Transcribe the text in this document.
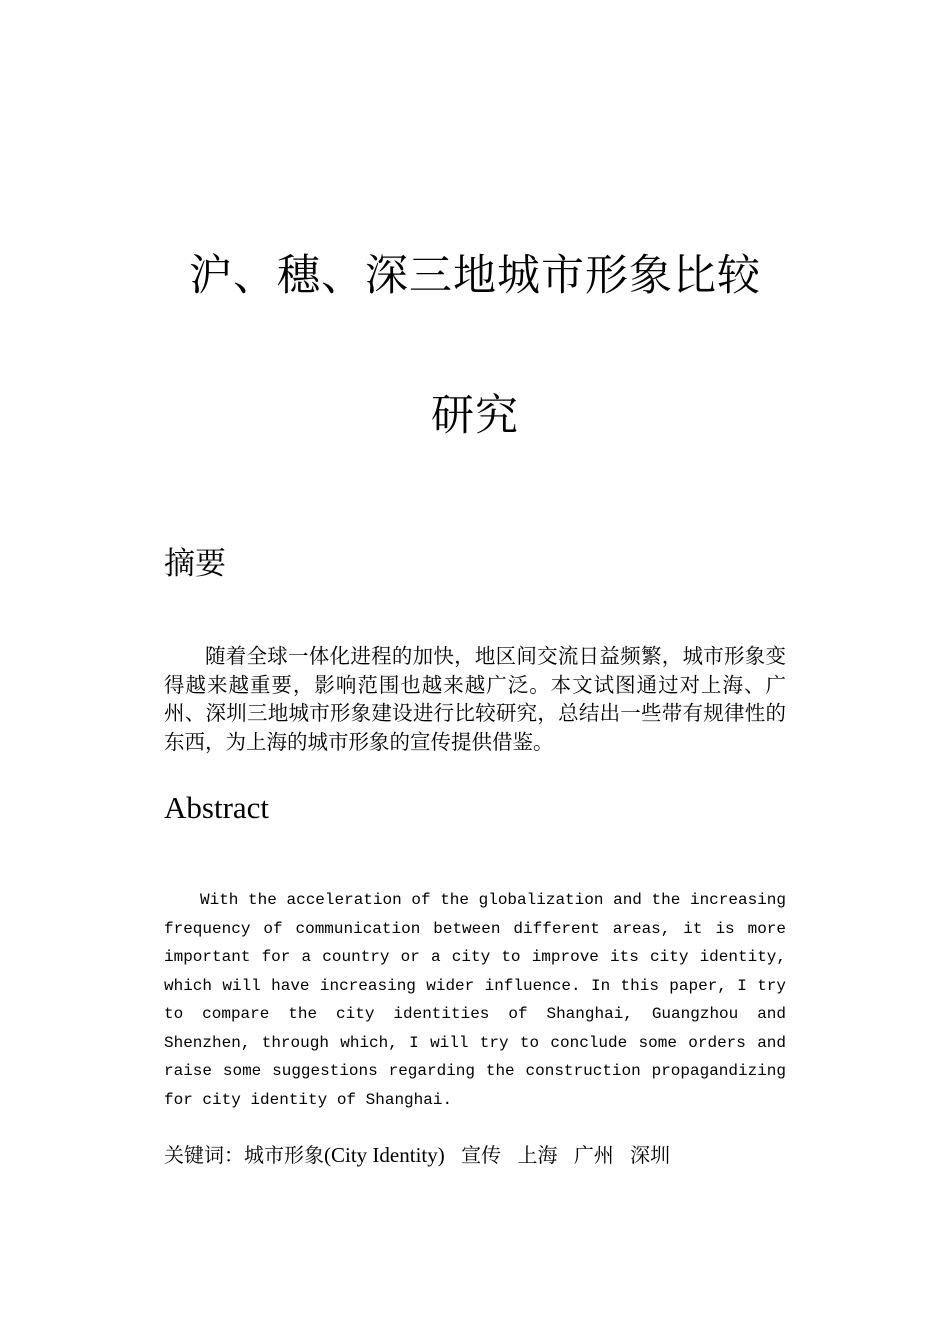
沪、穗、深三地城市形象比较
研究
摘要

随着全球一体化进程的加快，地区间交流日益频繁，城市形象变得越来越重要，影响范围也越来越广泛。本文试图通过对上海、广州、深圳三地城市形象建设进行比较研究，总结出一些带有规律性的东西，为上海的城市形象的宣传提供借鉴。

Abstract

With the acceleration of the globalization and the increasing frequency of communication between different areas, it is more important for a country or a city to improve its city identity, which will have increasing wider influence. In this paper, I try to compare the city identities of Shanghai, Guangzhou and Shenzhen, through which, I will try to conclude some orders and raise some suggestions regarding the construction propagandizing for city identity of Shanghai.

关键词：城市形象(City Identity) 宣传 上海 广州 深圳
